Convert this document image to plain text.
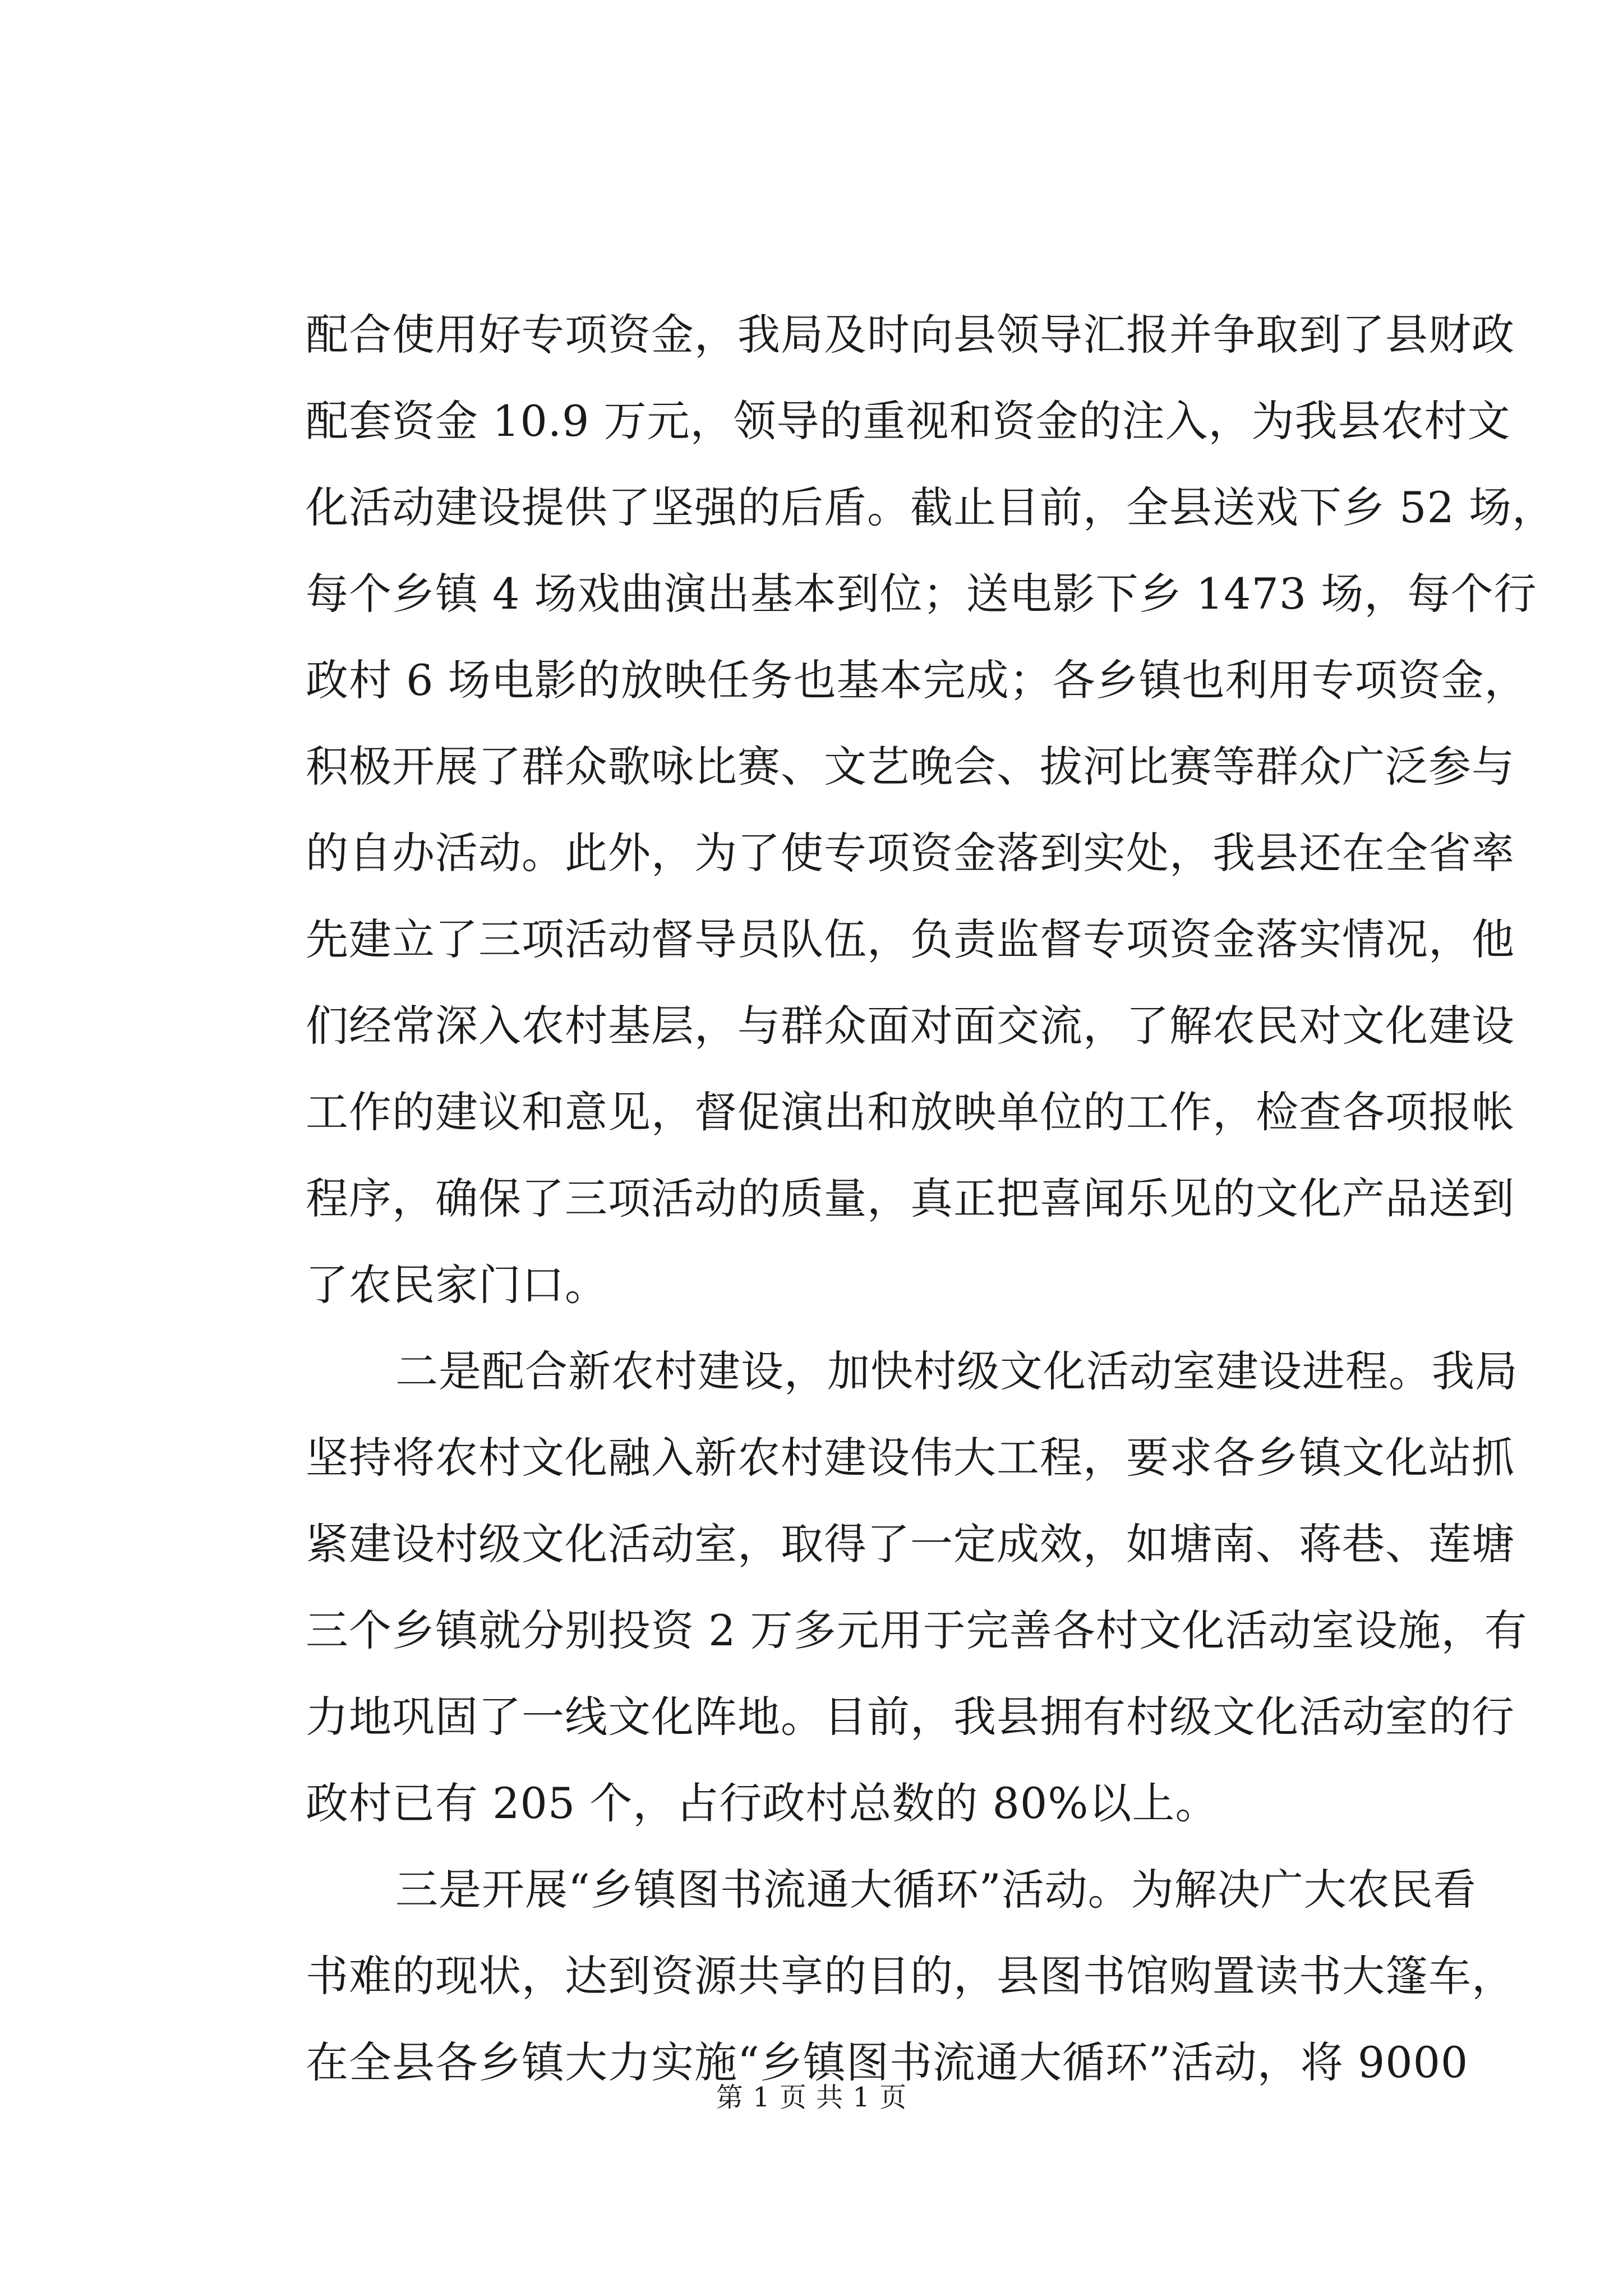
配合使用好专项资金，我局及时向县领导汇报并争取到了县财政
配套资金 10.9 万元，领导的重视和资金的注入，为我县农村文
化活动建设提供了坚强的后盾。截止目前，全县送戏下乡 52 场，
每个乡镇 4 场戏曲演出基本到位；送电影下乡 1473 场，每个行
政村 6 场电影的放映任务也基本完成；各乡镇也利用专项资金，
积极开展了群众歌咏比赛、文艺晚会、拔河比赛等群众广泛参与
的自办活动。此外，为了使专项资金落到实处，我县还在全省率
先建立了三项活动督导员队伍，负责监督专项资金落实情况，他
们经常深入农村基层，与群众面对面交流，了解农民对文化建设
工作的建议和意见，督促演出和放映单位的工作，检查各项报帐
程序，确保了三项活动的质量，真正把喜闻乐见的文化产品送到
了农民家门口。
二是配合新农村建设，加快村级文化活动室建设进程。我局
坚持将农村文化融入新农村建设伟大工程，要求各乡镇文化站抓
紧建设村级文化活动室，取得了一定成效，如塘南、蒋巷、莲塘
三个乡镇就分别投资 2 万多元用于完善各村文化活动室设施，有
力地巩固了一线文化阵地。目前，我县拥有村级文化活动室的行
政村已有 205 个，占行政村总数的 80%以上。
三是开展“乡镇图书流通大循环”活动。为解决广大农民看
书难的现状，达到资源共享的目的，县图书馆购置读书大篷车，
在全县各乡镇大力实施“乡镇图书流通大循环”活动，将 9000
第 1 页 共 1 页
